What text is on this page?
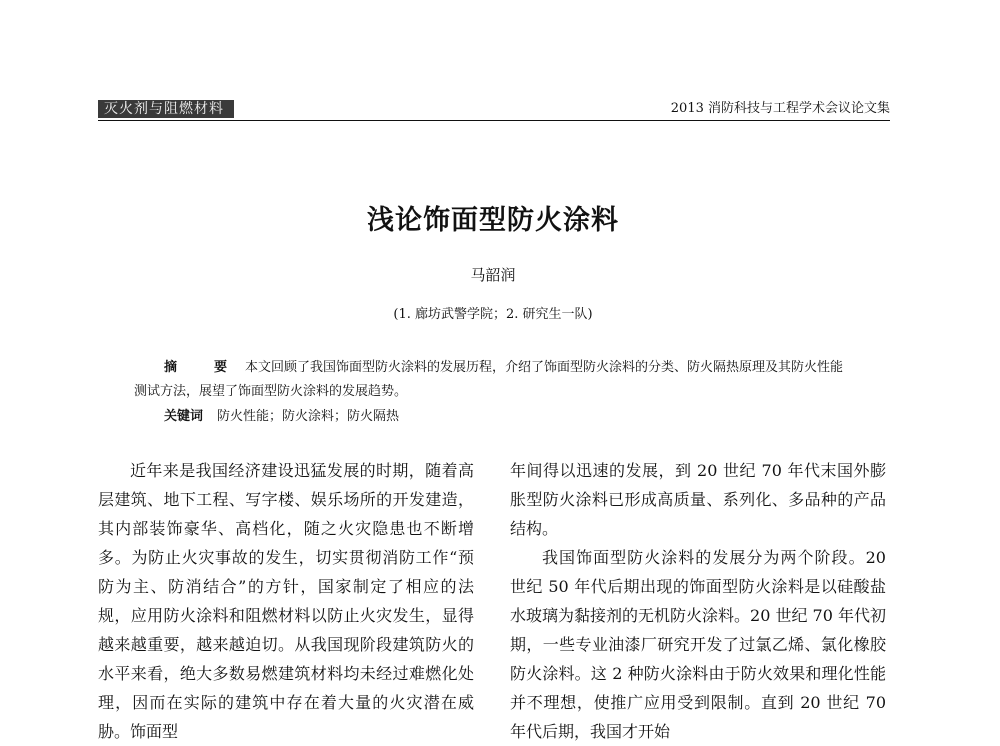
灭火剂与阻燃材料	2013 消防科技与工程学术会议论文集
浅论饰面型防火涂料
马韶润
(1. 廊坊武警学院；2. 研究生一队)
摘　要 本文回顾了我国饰面型防火涂料的发展历程，介绍了饰面型防火涂料的分类、防火隔热原理及其防火性能测试方法，展望了饰面型防火涂料的发展趋势。
关键词 防火性能；防火涂料；防火隔热

近年来是我国经济建设迅猛发展的时期，随着高层建筑、地下工程、写字楼、娱乐场所的开发建造，其内部装饰豪华、高档化，随之火灾隐患也不断增多。为防止火灾事故的发生，切实贯彻消防工作“预防为主、防消结合”的方针，国家制定了相应的法规，应用防火涂料和阻燃材料以防止火灾发生，显得越来越重要，越来越迫切。从我国现阶段建筑防火的水平来看，绝大多数易燃建筑材料均未经过难燃化处理，因而在实际的建筑中存在着大量的火灾潜在威胁。饰面型

年间得以迅速的发展，到 20 世纪 70 年代末国外膨胀型防火涂料已形成高质量、系列化、多品种的产品结构。

我国饰面型防火涂料的发展分为两个阶段。20 世纪 50 年代后期出现的饰面型防火涂料是以硅酸盐水玻璃为黏接剂的无机防火涂料。20 世纪 70 年代初期，一些专业油漆厂研究开发了过氯乙烯、氯化橡胶防火涂料。这 2 种防火涂料由于防火效果和理化性能并不理想，使推广应用受到限制。直到 20 世纪 70 年代后期，我国才开始
